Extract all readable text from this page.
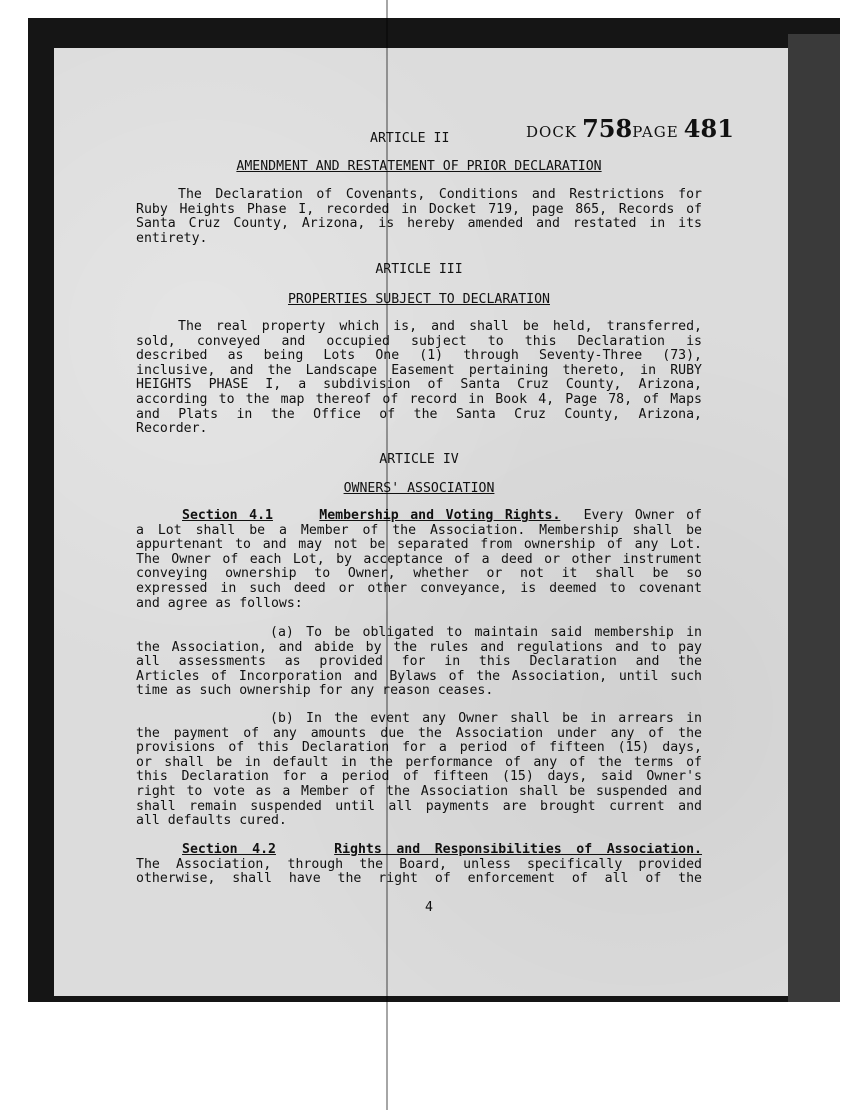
ARTICLE II	DOCK 758PAGE 481
AMENDMENT AND RESTATEMENT OF PRIOR DECLARATION
The Declaration of Covenants, Conditions and Restrictions for
Ruby Heights Phase I, recorded in Docket 719, page 865, Records of
Santa Cruz County, Arizona, is hereby amended and restated in its
entirety.
ARTICLE III
PROPERTIES SUBJECT TO DECLARATION
The real property which is, and shall be held, transferred,
sold, conveyed and occupied subject to this Declaration is
described as being Lots One (1) through Seventy-Three (73),
inclusive, and the Landscape Easement pertaining thereto, in RUBY
HEIGHTS PHASE I, a subdivision of Santa Cruz County, Arizona,
according to the map thereof of record in Book 4, Page 78, of Maps
and Plats in the Office of the Santa Cruz County, Arizona,
Recorder.
ARTICLE IV
OWNERS' ASSOCIATION
Section 4.1	Membership and Voting Rights. Every Owner of
a Lot shall be a Member of the Association. Membership shall be
appurtenant to and may not be separated from ownership of any Lot.
The Owner of each Lot, by acceptance of a deed or other instrument
conveying ownership to Owner, whether or not it shall be so
expressed in such deed or other conveyance, is deemed to covenant
and agree as follows:
(a) To be obligated to maintain said membership in
the Association, and abide by the rules and regulations and to pay
all assessments as provided for in this Declaration and the
Articles of Incorporation and Bylaws of the Association, until such
time as such ownership for any reason ceases.
(b) In the event any Owner shall be in arrears in
the payment of any amounts due the Association under any of the
provisions of this Declaration for a period of fifteen (15) days,
or shall be in default in the performance of any of the terms of
this Declaration for a period of fifteen (15) days, said Owner's
right to vote as a Member of the Association shall be suspended and
shall remain suspended until all payments are brought current and
all defaults cured.
Section 4.2	Rights and Responsibilities of Association.
The Association, through the Board, unless specifically provided
otherwise, shall have the right of enforcement of all of the
4
